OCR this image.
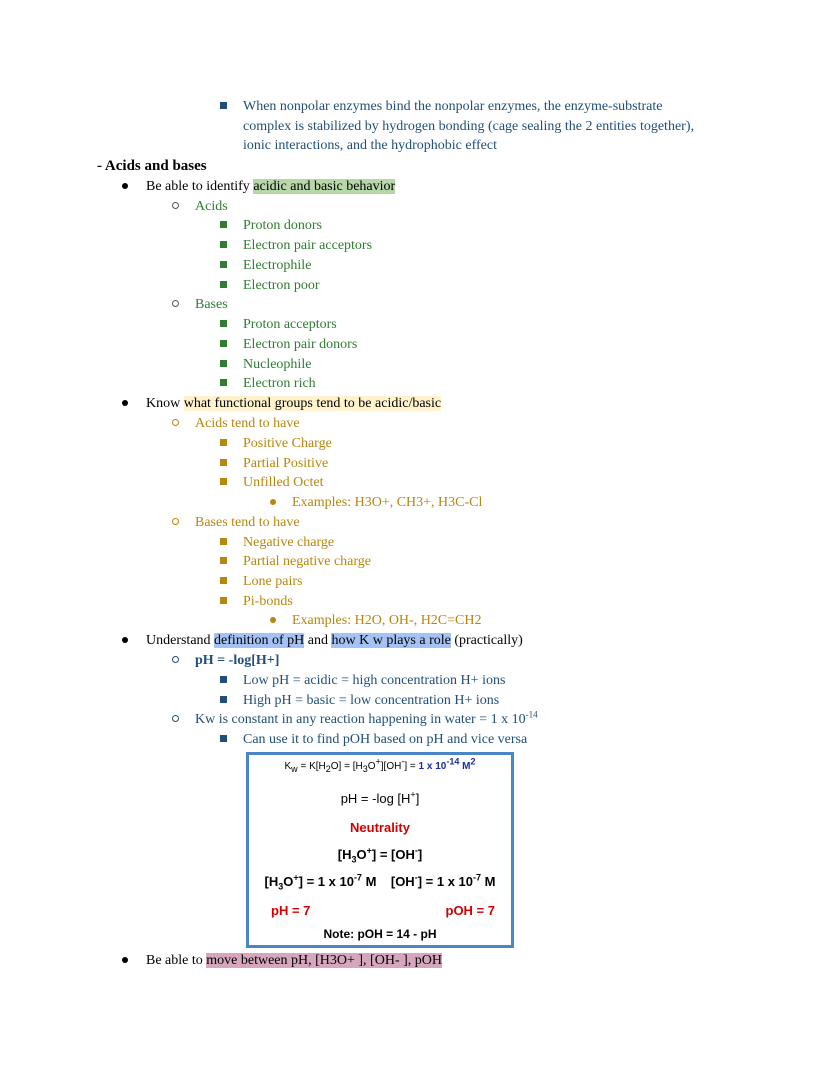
When nonpolar enzymes bind the nonpolar enzymes, the enzyme-substrate
complex is stabilized by hydrogen bonding (cage sealing the 2 entities together),
ionic interactions, and the hydrophobic effect
- Acids and bases
Be able to identify acidic and basic behavior
Acids
Proton donors
Electron pair acceptors
Electrophile
Electron poor
Bases
Proton acceptors
Electron pair donors
Nucleophile
Electron rich
Know what functional groups tend to be acidic/basic
Acids tend to have
Positive Charge
Partial Positive
Unfilled Octet
Examples: H3O+, CH3+, H3C-Cl
Bases tend to have
Negative charge
Partial negative charge
Lone pairs
Pi-bonds
Examples: H2O, OH-, H2C=CH2
Understand definition of pH and how K w plays a role (practically)
pH = -log[H+]
Low pH = acidic = high concentration H+ ions
High pH = basic = low concentration H+ ions
Kw is constant in any reaction happening in water = 1 x $10^{-14}$
Can use it to find pOH based on pH and vice versa
$K_w = K[H_2O] = [H_3O^+][OH^-] = 1$ x $10^{-14}$ $M^2$
pH = -log [H+]
Neutrality
$[H_3O^+] = [OH^-]$
$[H_3O^+] = 1$ x $10^{-7}$ M [OH-] = 1 x $10^{-7}$ M
pH = 7	pOH = 7
Note: pOH = 14 - pH
Be able to move between pH, [H3O+ ], [OH- ], pOH
